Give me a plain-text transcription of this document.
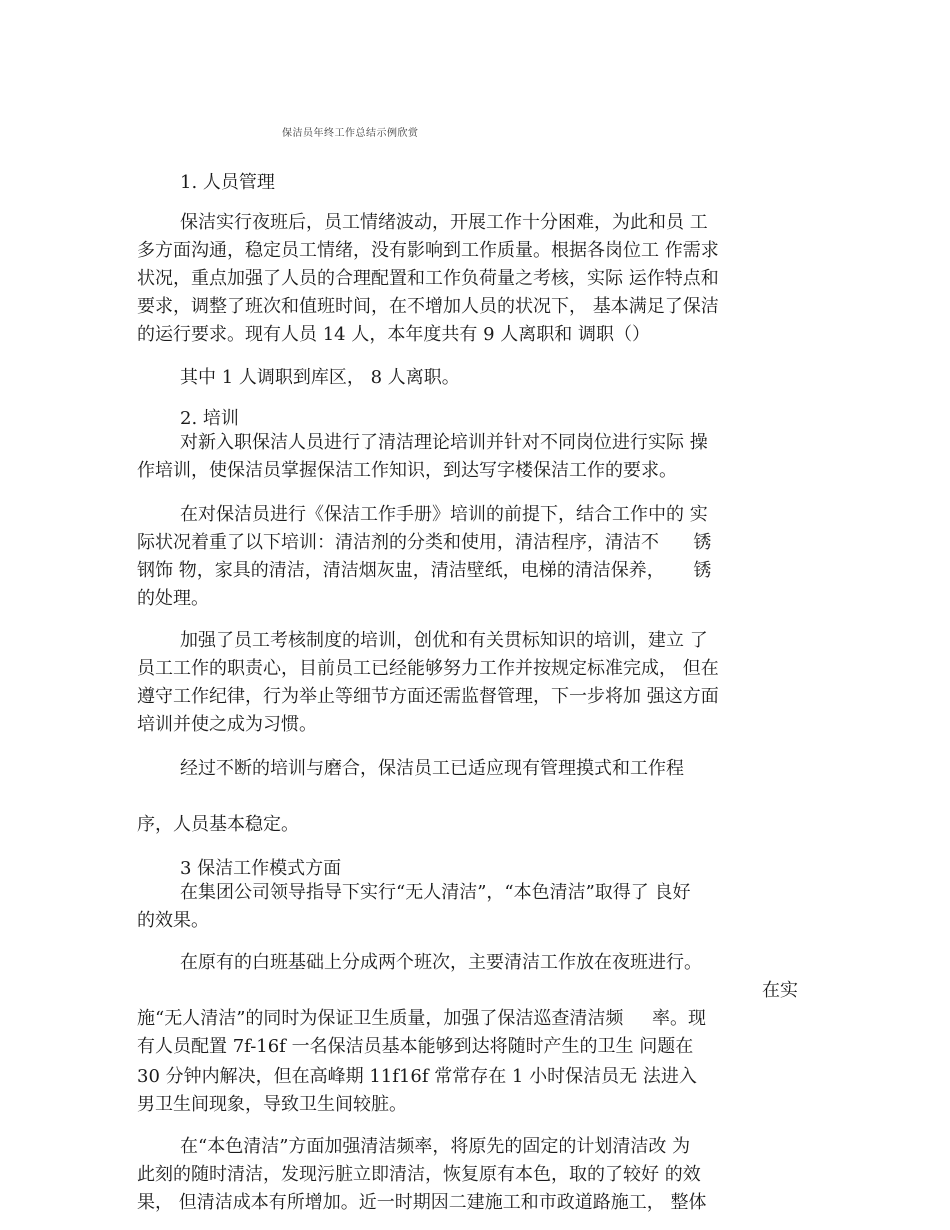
保洁员年终工作总结示例欣赏
1. 人员管理
保洁实行夜班后，员工情绪波动，开展工作十分困难，为此和员 工
多方面沟通，稳定员工情绪，没有影响到工作质量。根据各岗位工 作需求
状况，重点加强了人员的合理配置和工作负荷量之考核，实际 运作特点和
要求，调整了班次和值班时间，在不增加人员的状况下， 基本满足了保洁
的运行要求。现有人员 14 人，本年度共有 9 人离职和 调职（）
其中 1 人调职到库区， 8 人离职。
2. 培训
对新入职保洁人员进行了清洁理论培训并针对不同岗位进行实际 操
作培训，使保洁员掌握保洁工作知识，到达写字楼保洁工作的要求。
在对保洁员进行《保洁工作手册》培训的前提下，结合工作中的 实
际状况着重了以下培训：清洁剂的分类和使用，清洁程序，清洁不      锈
钢饰 物，家具的清洁，清洁烟灰盅，清洁壁纸，电梯的清洁保养，     锈
的处理。
加强了员工考核制度的培训，创优和有关贯标知识的培训，建立 了
员工工作的职责心，目前员工已经能够努力工作并按规定标准完成， 但在
遵守工作纪律，行为举止等细节方面还需监督管理，下一步将加 强这方面
培训并使之成为习惯。
经过不断的培训与磨合，保洁员工已适应现有管理摸式和工作程
序，人员基本稳定。
3 保洁工作模式方面
在集团公司领导指导下实行“无人清洁”，“本色清洁”取得了 良好
的效果。
在原有的白班基础上分成两个班次，主要清洁工作放在夜班进行。
在实
施“无人清洁”的同时为保证卫生质量，加强了保洁巡查清洁频     率。现
有人员配置 7f-16f 一名保洁员基本能够到达将随时产生的卫生 问题在
30 分钟内解决，但在高峰期 11f16f 常常存在 1 小时保洁员无 法进入
男卫生间现象，导致卫生间较脏。
在“本色清洁”方面加强清洁频率，将原先的固定的计划清洁改 为
此刻的随时清洁，发现污脏立即清洁，恢复原有本色，取的了较好 的效
果， 但清洁成本有所增加。近一时期因二建施工和市政道路施工， 整体
